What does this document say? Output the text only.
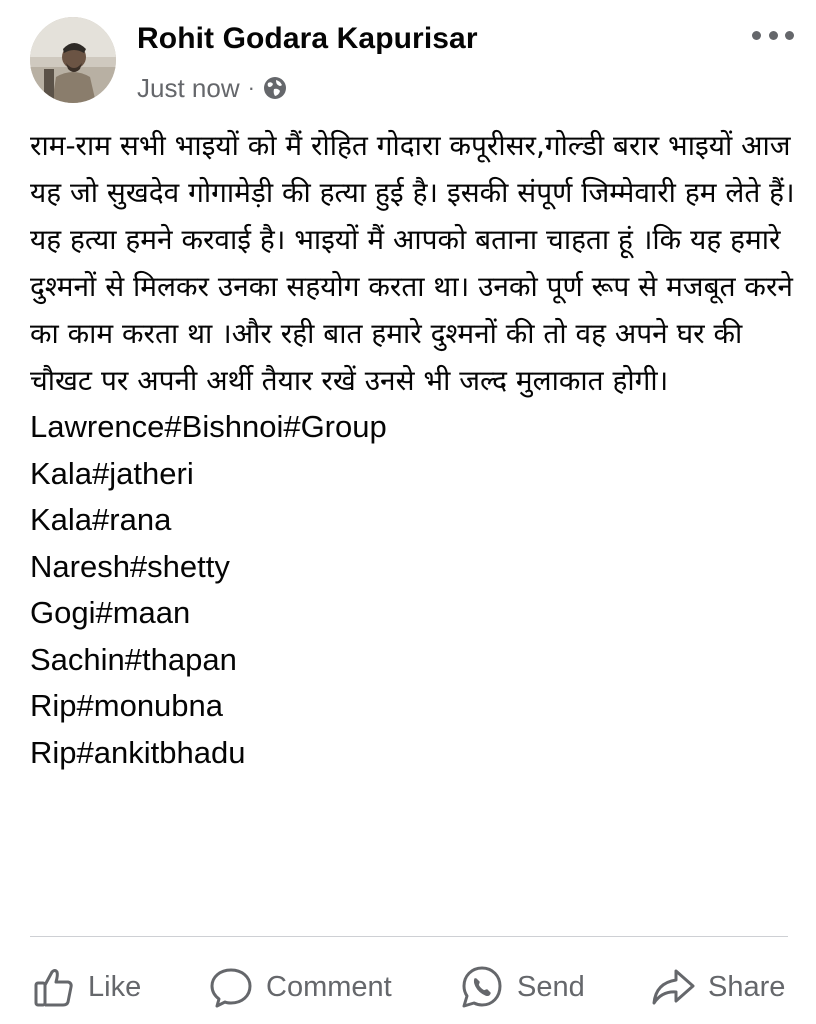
Rohit Godara Kapurisar
Just now ·

राम-राम सभी भाइयों को मैं रोहित गोदारा कपूरीसर,गोल्डी बरार भाइयों आज यह जो सुखदेव गोगामेड़ी की हत्या हुई है। इसकी संपूर्ण जिम्मेवारी हम लेते हैं। यह हत्या हमने करवाई है। भाइयों मैं आपको बताना चाहता हूं ।कि यह हमारे दुश्मनों से मिलकर उनका सहयोग करता था। उनको पूर्ण रूप से मजबूत करने का काम करता था ।और रही बात हमारे दुश्मनों की तो वह अपने घर की चौखट पर अपनी अर्थी तैयार रखें उनसे भी जल्द मुलाकात होगी।

Lawrence#Bishnoi#Group
Kala#jatheri
Kala#rana
Naresh#shetty
Gogi#maan
Sachin#thapan
Rip#monubna
Rip#ankitbhadu
Like	Comment	Send	Share
